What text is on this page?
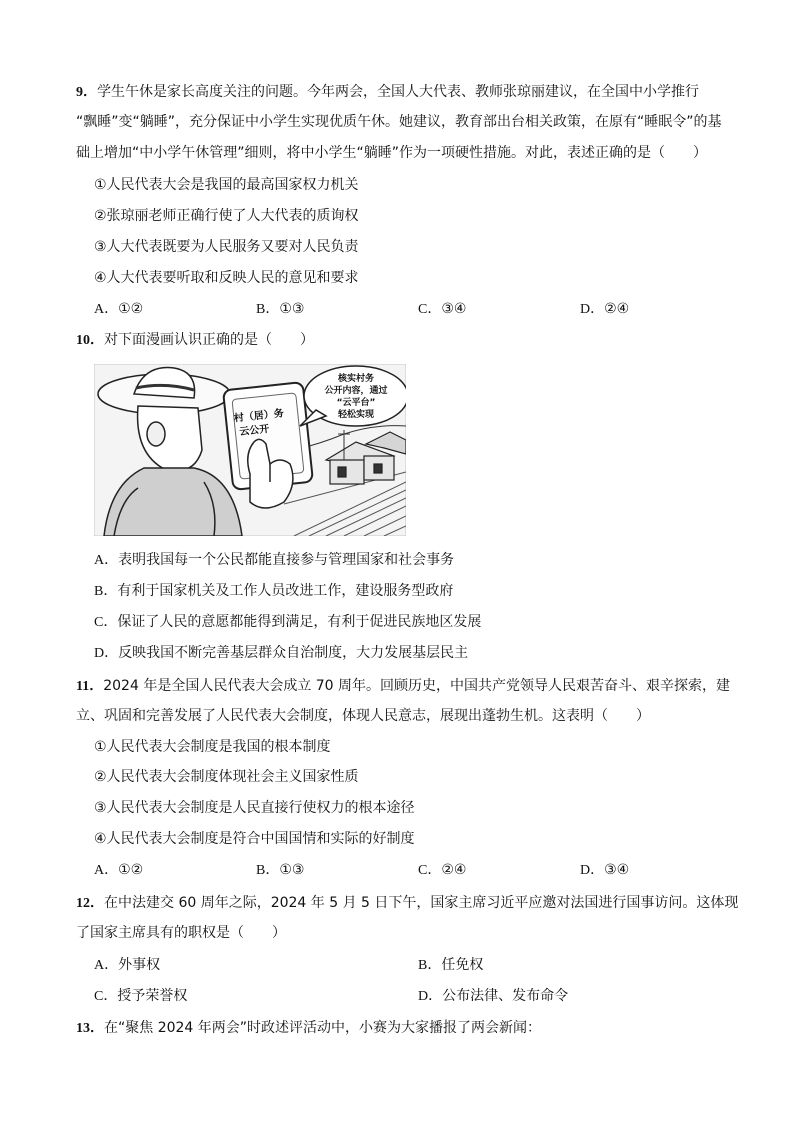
9．学生午休是家长高度关注的问题。今年两会，全国人大代表、教师张琼丽建议，在全国中小学推行
“飘睡”变“躺睡”，充分保证中小学生实现优质午休。她建议，教育部出台相关政策，在原有“睡眠令”的基
础上增加“中小学午休管理”细则，将中小学生“躺睡”作为一项硬性措施。对此，表述正确的是（　　）
①人民代表大会是我国的最高国家权力机关
②张琼丽老师正确行使了人大代表的质询权
③人大代表既要为人民服务又要对人民负责
④人大代表要听取和反映人民的意见和要求
A．①②	B．①③	C．③④	D．②④
10．对下面漫画认识正确的是（　　）
村（居）务
云公开
核实村务
公开内容，通过
“云平台”
轻松实现
A．表明我国每一个公民都能直接参与管理国家和社会事务
B．有利于国家机关及工作人员改进工作，建设服务型政府
C．保证了人民的意愿都能得到满足，有利于促进民族地区发展
D．反映我国不断完善基层群众自治制度，大力发展基层民主
11．2024 年是全国人民代表大会成立 70 周年。回顾历史，中国共产党领导人民艰苦奋斗、艰辛探索，建
立、巩固和完善发展了人民代表大会制度，体现人民意志，展现出蓬勃生机。这表明（　　）
①人民代表大会制度是我国的根本制度
②人民代表大会制度体现社会主义国家性质
③人民代表大会制度是人民直接行使权力的根本途径
④人民代表大会制度是符合中国国情和实际的好制度
A．①②	B．①③	C．②④	D．③④
12．在中法建交 60 周年之际，2024 年 5 月 5 日下午，国家主席习近平应邀对法国进行国事访问。这体现
了国家主席具有的职权是（　　）
A．外事权	B．任免权
C．授予荣誉权	D．公布法律、发布命令
13．在“聚焦 2024 年两会”时政述评活动中，小赛为大家播报了两会新闻：
